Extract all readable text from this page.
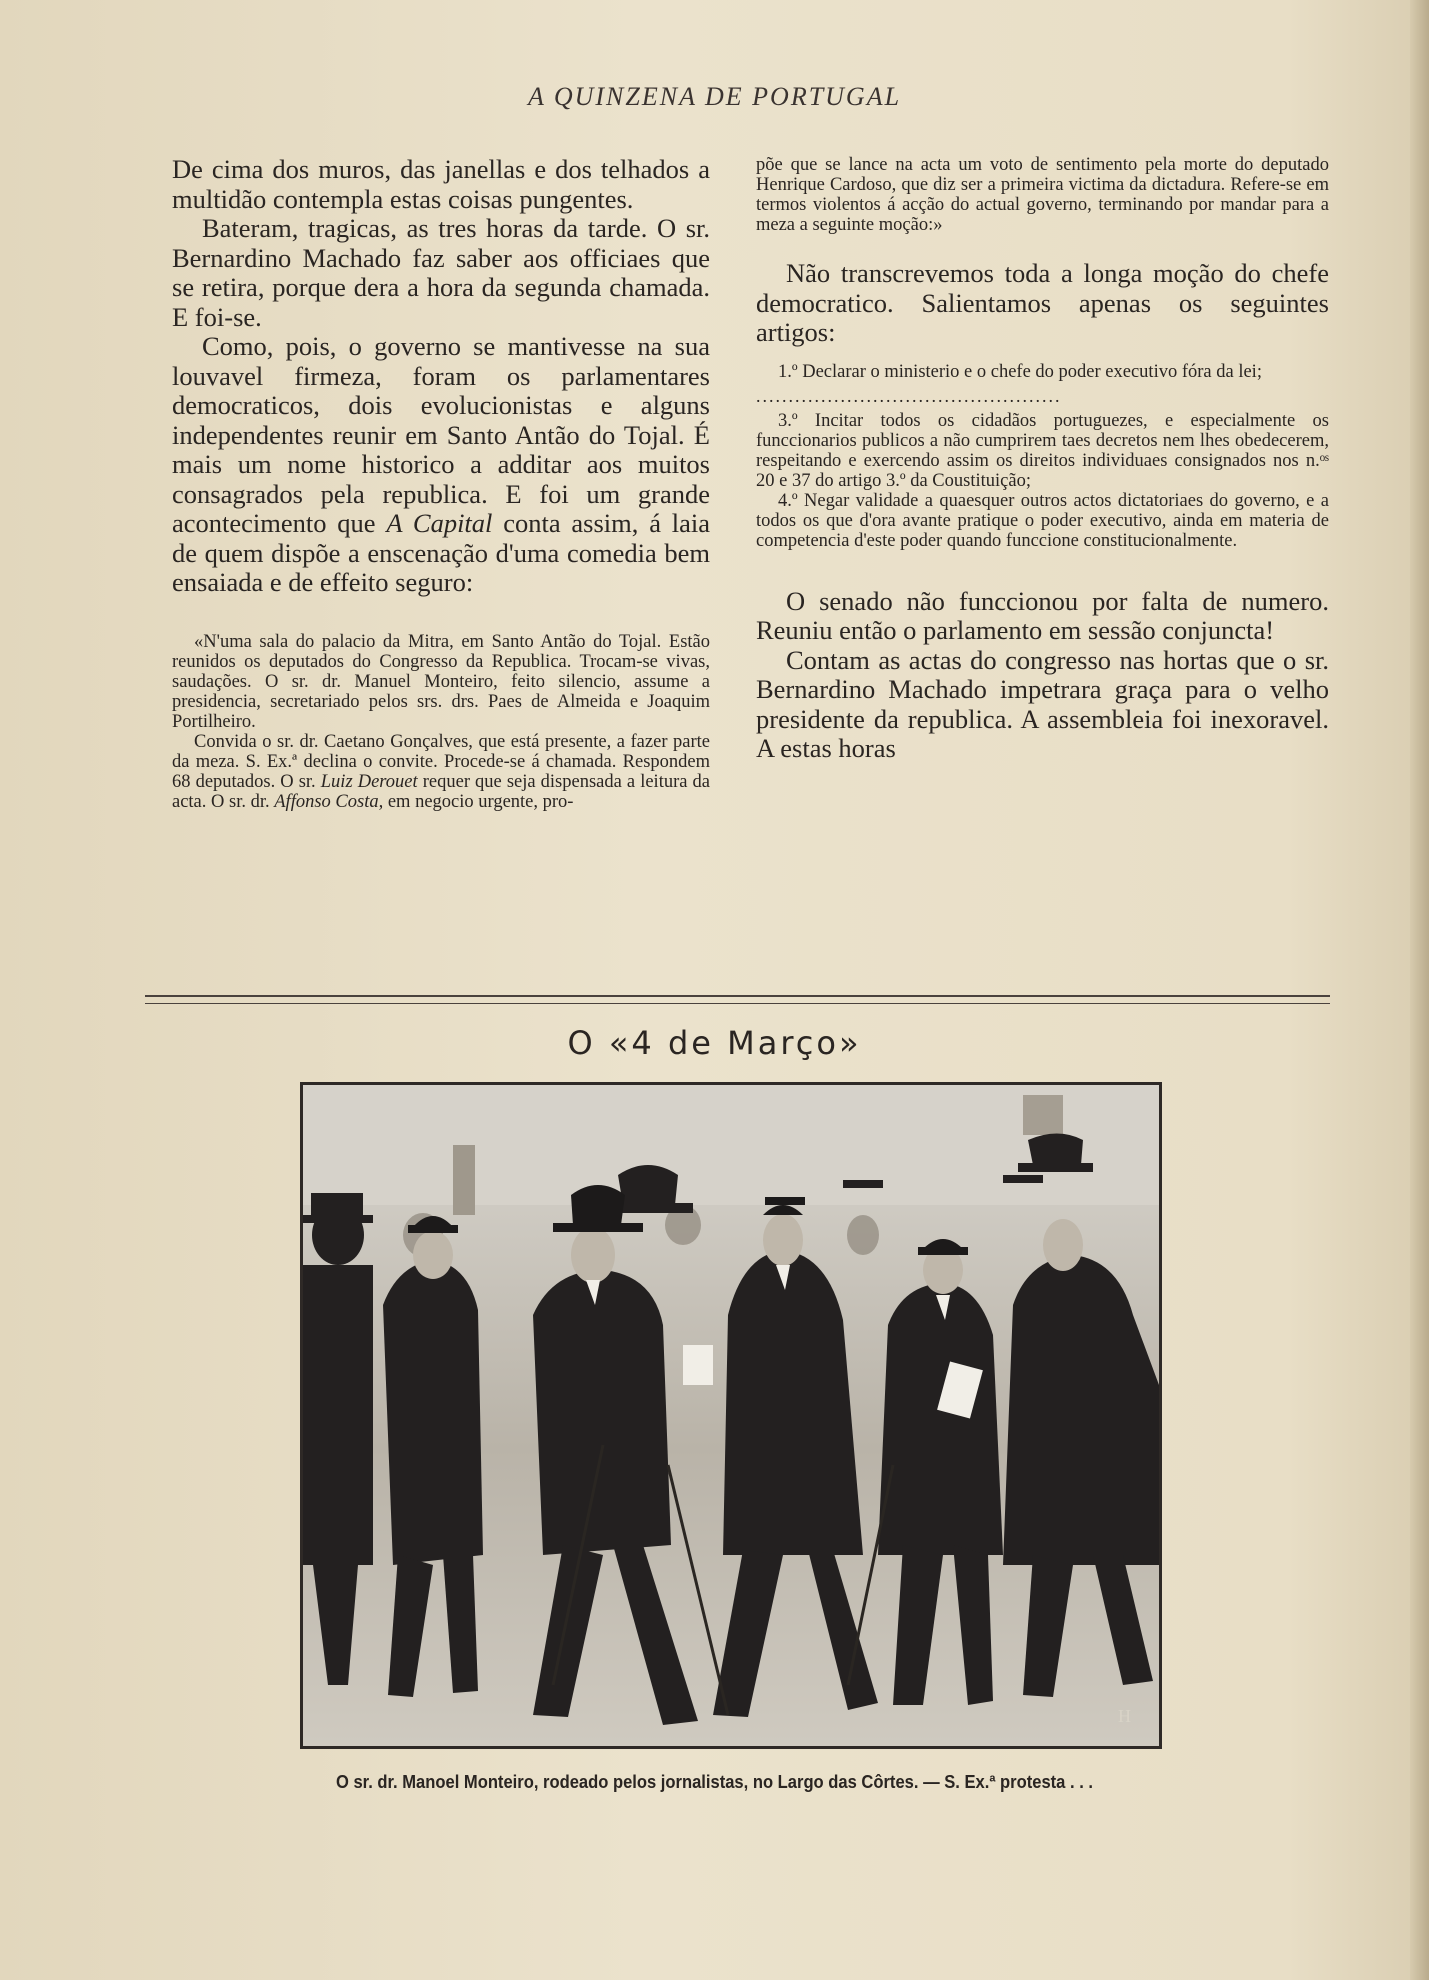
A QUINZENA DE PORTUGAL

De cima dos muros, das janellas e dos telhados a multidão contempla estas coisas pungentes.

Bateram, tragicas, as tres horas da tarde. O sr. Bernardino Machado faz saber aos officiaes que se retira, porque dera a hora da segunda chamada. E foi-se.

Como, pois, o governo se mantivesse na sua louvavel firmeza, foram os parlamentares democraticos, dois evolucionistas e alguns independentes reunir em Santo Antão do Tojal. É mais um nome historico a additar aos muitos consagrados pela republica. E foi um grande acontecimento que A Capital conta assim, á laia de quem dispõe a enscenação d'uma comedia bem ensaiada e de effeito seguro:

«N'uma sala do palacio da Mitra, em Santo Antão do Tojal. Estão reunidos os deputados do Congresso da Republica. Trocam-se vivas, saudações. O sr. dr. Manuel Monteiro, feito silencio, assume a presidencia, secretariado pelos srs. drs. Paes de Almeida e Joaquim Portilheiro.

Convida o sr. dr. Caetano Gonçalves, que está presente, a fazer parte da meza. S. Ex.ª declina o convite. Procede-se á chamada. Respondem 68 deputados. O sr. Luiz Derouet requer que seja dispensada a leitura da acta. O sr. dr. Affonso Costa, em negocio urgente, pro-

põe que se lance na acta um voto de sentimento pela morte do deputado Henrique Cardoso, que diz ser a primeira victima da dictadura. Refere-se em termos violentos á acção do actual governo, terminando por mandar para a meza a seguinte moção:»

Não transcrevemos toda a longa moção do chefe democratico. Salientamos apenas os seguintes artigos:

1.º Declarar o ministerio e o chefe do poder executivo fóra da lei;

...............................................

3.º Incitar todos os cidadãos portuguezes, e especialmente os funccionarios publicos a não cumprirem taes decretos nem lhes obedecerem, respeitando e exercendo assim os direitos individuaes consignados nos n.ᵒˢ 20 e 37 do artigo 3.º da Coustituição;

4.º Negar validade a quaesquer outros actos dictatoriaes do governo, e a todos os que d'ora avante pratique o poder executivo, ainda em materia de competencia d'este poder quando funccione constitucionalmente.

O senado não funccionou por falta de numero. Reuniu então o parlamento em sessão conjuncta!

Contam as actas do congresso nas hortas que o sr. Bernardino Machado impetrara graça para o velho presidente da republica. A assembleia foi inexoravel. A estas horas

O «4 de Março»
H
O sr. dr. Manoel Monteiro, rodeado pelos jornalistas, no Largo das Côrtes. — S. Ex.ª protesta . . .
